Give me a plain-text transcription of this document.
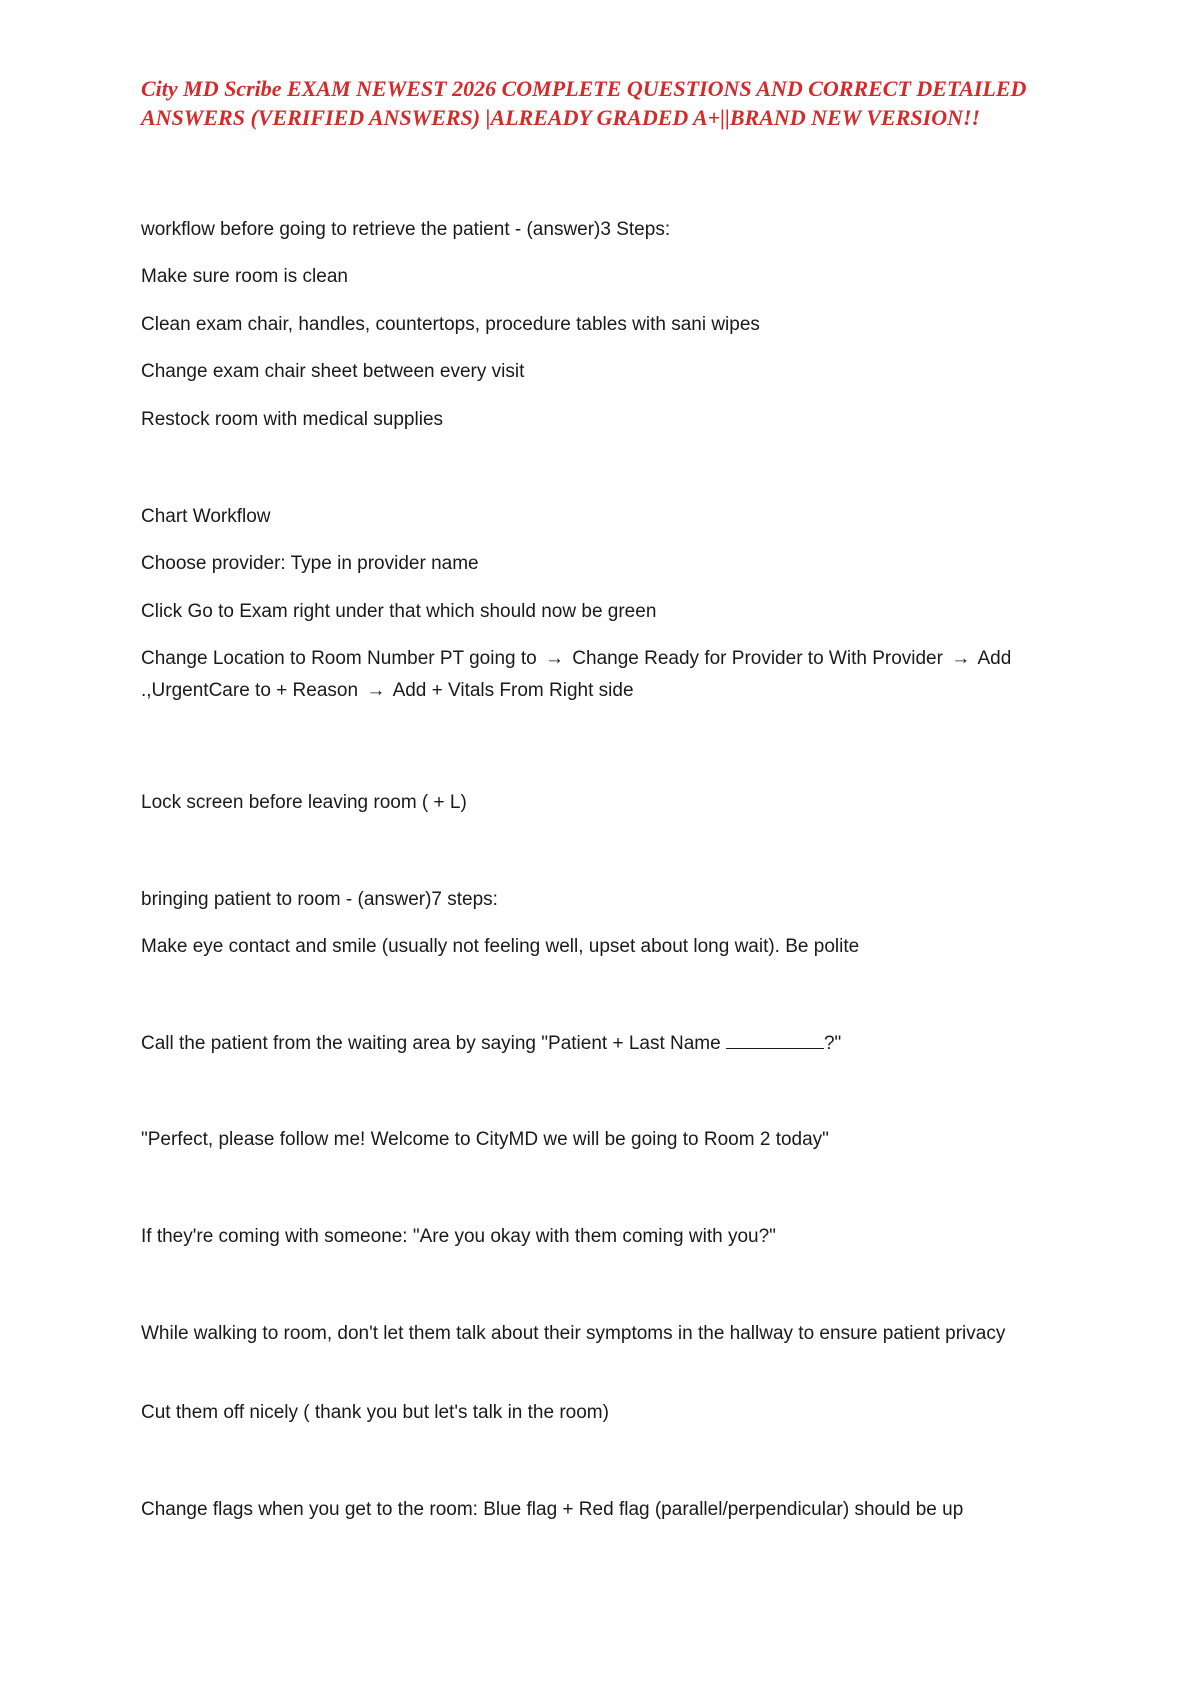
City MD Scribe EXAM NEWEST 2026 COMPLETE QUESTIONS AND CORRECT DETAILED
ANSWERS (VERIFIED ANSWERS) |ALREADY GRADED A+||BRAND NEW VERSION!!

workflow before going to retrieve the patient - (answer)3 Steps:

Make sure room is clean

Clean exam chair, handles, countertops, procedure tables with sani wipes

Change exam chair sheet between every visit

Restock room with medical supplies

Chart Workflow

Choose provider: Type in provider name

Click Go to Exam right under that which should now be green

Change Location to Room Number PT going to → Change Ready for Provider to With Provider → Add
.,UrgentCare to + Reason → Add + Vitals From Right side

Lock screen before leaving room ( + L)

bringing patient to room - (answer)7 steps:

Make eye contact and smile (usually not feeling well, upset about long wait). Be polite

Call the patient from the waiting area by saying "Patient + Last Name	?"

"Perfect, please follow me! Welcome to CityMD we will be going to Room 2 today"

If they're coming with someone: "Are you okay with them coming with you?"

While walking to room, don't let them talk about their symptoms in the hallway to ensure patient privacy

Cut them off nicely ( thank you but let's talk in the room)

Change flags when you get to the room: Blue flag + Red flag (parallel/perpendicular) should be up
